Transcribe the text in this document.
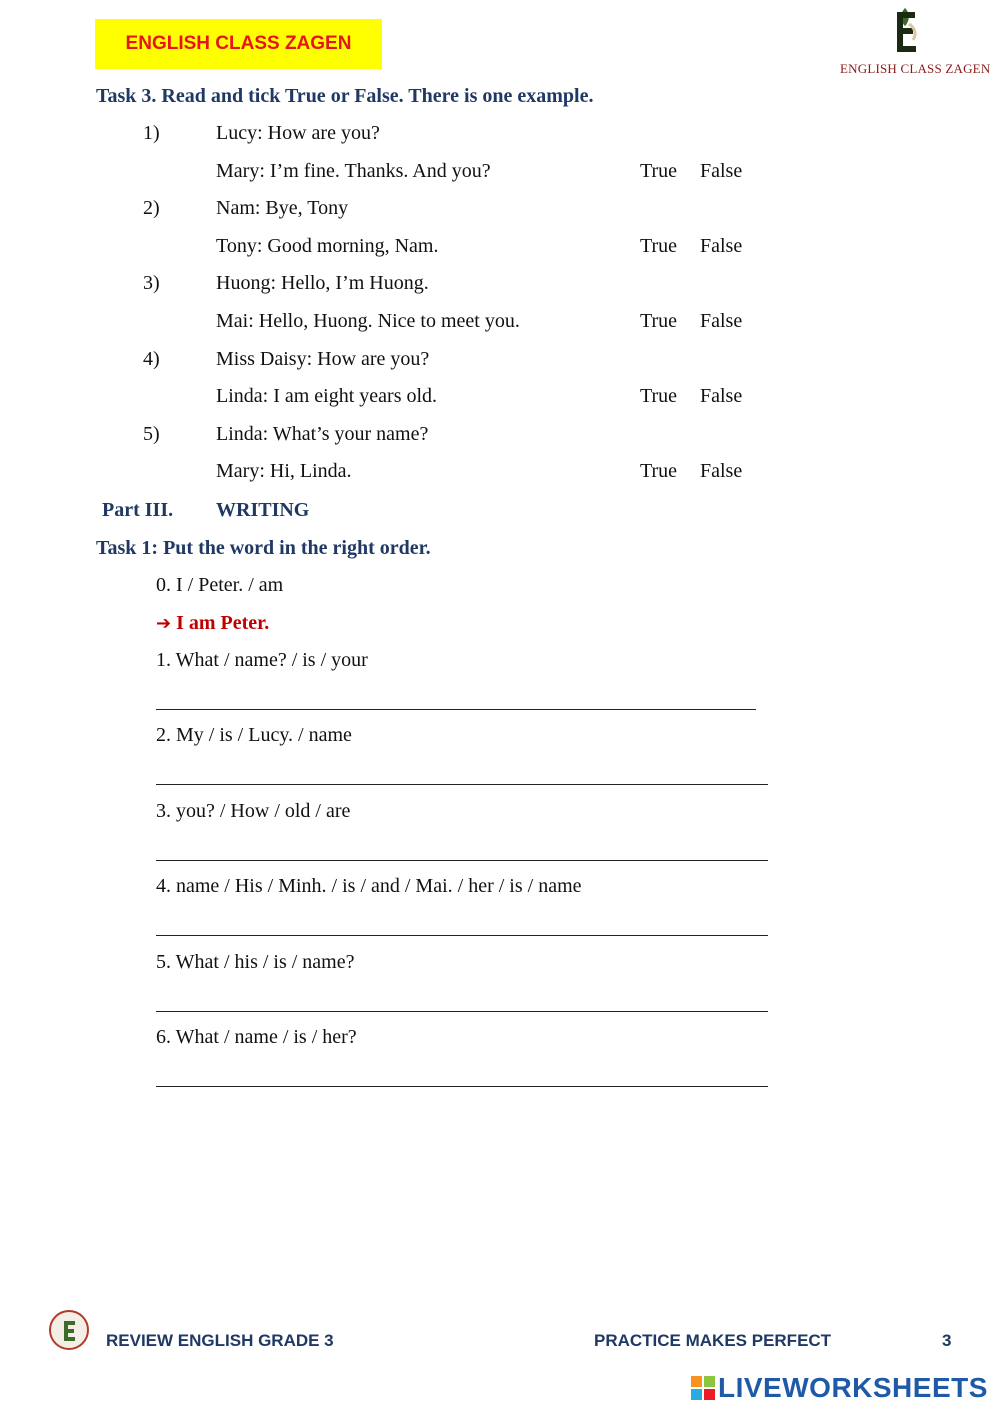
ENGLISH CLASS ZAGEN
ENGLISH CLASS ZAGEN
Task 3. Read and tick True or False. There is one example.
1)	Lucy: How are you?
Mary: I’m fine. Thanks. And you?	True False
2)	Nam: Bye, Tony
Tony: Good morning, Nam.	True False
3)	Huong: Hello, I’m Huong.
Mai: Hello, Huong. Nice to meet you.	True False
4)	Miss Daisy: How are you?
Linda: I am eight years old.	True False
5)	Linda: What’s your name?
Mary: Hi, Linda.	True False
Part III. WRITING
Task 1: Put the word in the right order.
0. I / Peter. / am
➔ I am Peter.
1. What / name? / is / your
2. My / is / Lucy. / name
3. you? / How / old / are
4. name / His / Minh. / is / and / Mai. / her / is / name
5. What / his / is / name?
6. What / name / is / her?
REVIEW ENGLISH GRADE 3	PRACTICE MAKES PERFECT	3
LIVEWORKSHEETS
